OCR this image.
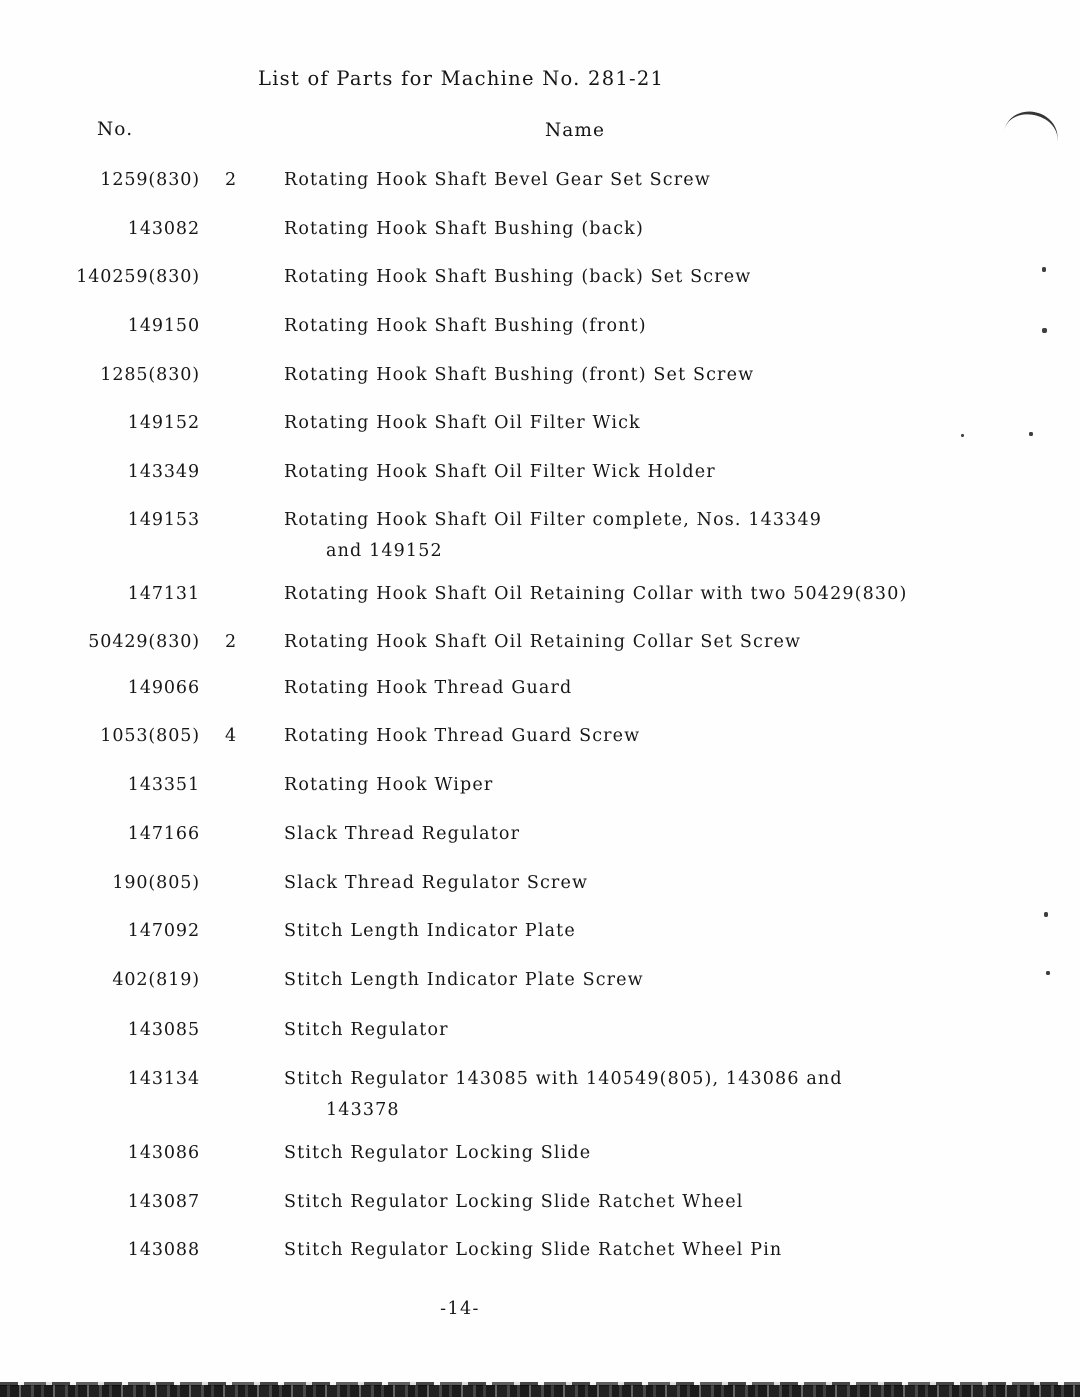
List of Parts for Machine No. 281-21
No.	Name
1259(830)	2	Rotating Hook Shaft Bevel Gear Set Screw
143082	Rotating Hook Shaft Bushing (back)
140259(830)	Rotating Hook Shaft Bushing (back) Set Screw
149150	Rotating Hook Shaft Bushing (front)
1285(830)	Rotating Hook Shaft Bushing (front) Set Screw
149152	Rotating Hook Shaft Oil Filter Wick
143349	Rotating Hook Shaft Oil Filter Wick Holder
149153	Rotating Hook Shaft Oil Filter complete, Nos. 143349
and 149152
147131	Rotating Hook Shaft Oil Retaining Collar with two 50429(830)
50429(830)	2	Rotating Hook Shaft Oil Retaining Collar Set Screw
149066	Rotating Hook Thread Guard
1053(805)	4	Rotating Hook Thread Guard Screw
143351	Rotating Hook Wiper
147166	Slack Thread Regulator
190(805)	Slack Thread Regulator Screw
147092	Stitch Length Indicator Plate
402(819)	Stitch Length Indicator Plate Screw
143085	Stitch Regulator
143134	Stitch Regulator 143085 with 140549(805), 143086 and
143378
143086	Stitch Regulator Locking Slide
143087	Stitch Regulator Locking Slide Ratchet Wheel
143088	Stitch Regulator Locking Slide Ratchet Wheel Pin
-14-
